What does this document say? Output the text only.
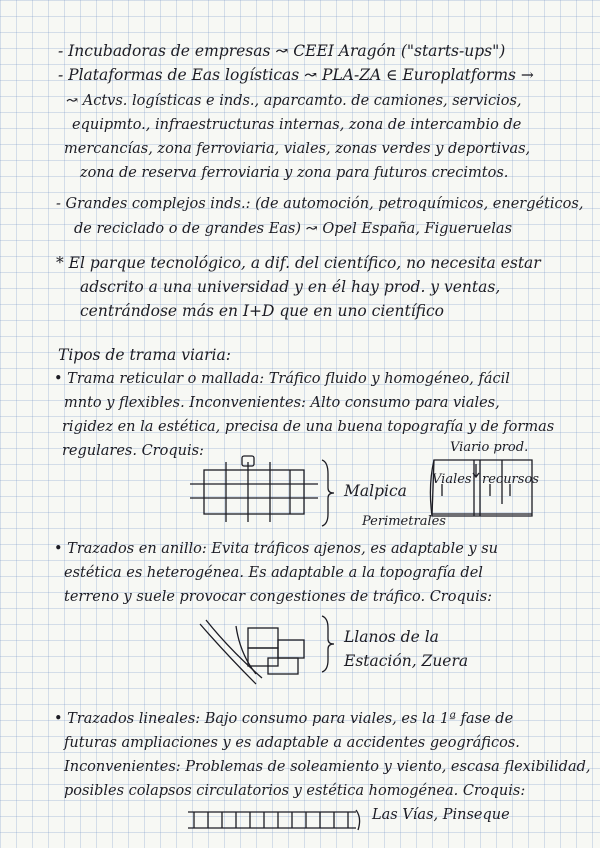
- Incubadoras de empresas ↝ CEEI Aragón ("starts-ups")
- Plataformas de Eas logísticas ↝ PLA-ZA ∈ Europlatforms →
↝ Actvs. logísticas e inds., aparcamto. de camiones, servicios,
equipmto., infraestructuras internas, zona de intercambio de
mercancías, zona ferroviaria, viales, zonas verdes y deportivas,
zona de reserva ferroviaria y zona para futuros crecimtos.
- Grandes complejos inds.: (de automoción, petroquímicos, energéticos,
de reciclado o de grandes Eas) ↝ Opel España, Figueruelas
* El parque tecnológico, a dif. del científico, no necesita estar
adscrito a una universidad y en él hay prod. y ventas,
centrándose más en I+D que en uno científico
Tipos de trama viaria:
• Trama reticular o mallada: Tráfico fluido y homogéneo, fácil
mnto y flexibles. Inconvenientes: Alto consumo para viales,
rigidez en la estética, precisa de una buena topografía y de formas
regulares. Croquis:
Malpica
Viario prod.
Viales recursos
Perimetrales
• Trazados en anillo: Evita tráficos ajenos, es adaptable y su
estética es heterogénea. Es adaptable a la topografía del
terreno y suele provocar congestiones de tráfico. Croquis:
Llanos de la
Estación, Zuera
• Trazados lineales: Bajo consumo para viales, es la 1ª fase de
futuras ampliaciones y es adaptable a accidentes geográficos.
Inconvenientes: Problemas de soleamiento y viento, escasa flexibilidad,
posibles colapsos circulatorios y estética homogénea. Croquis:
Las Vías, Pinseque
